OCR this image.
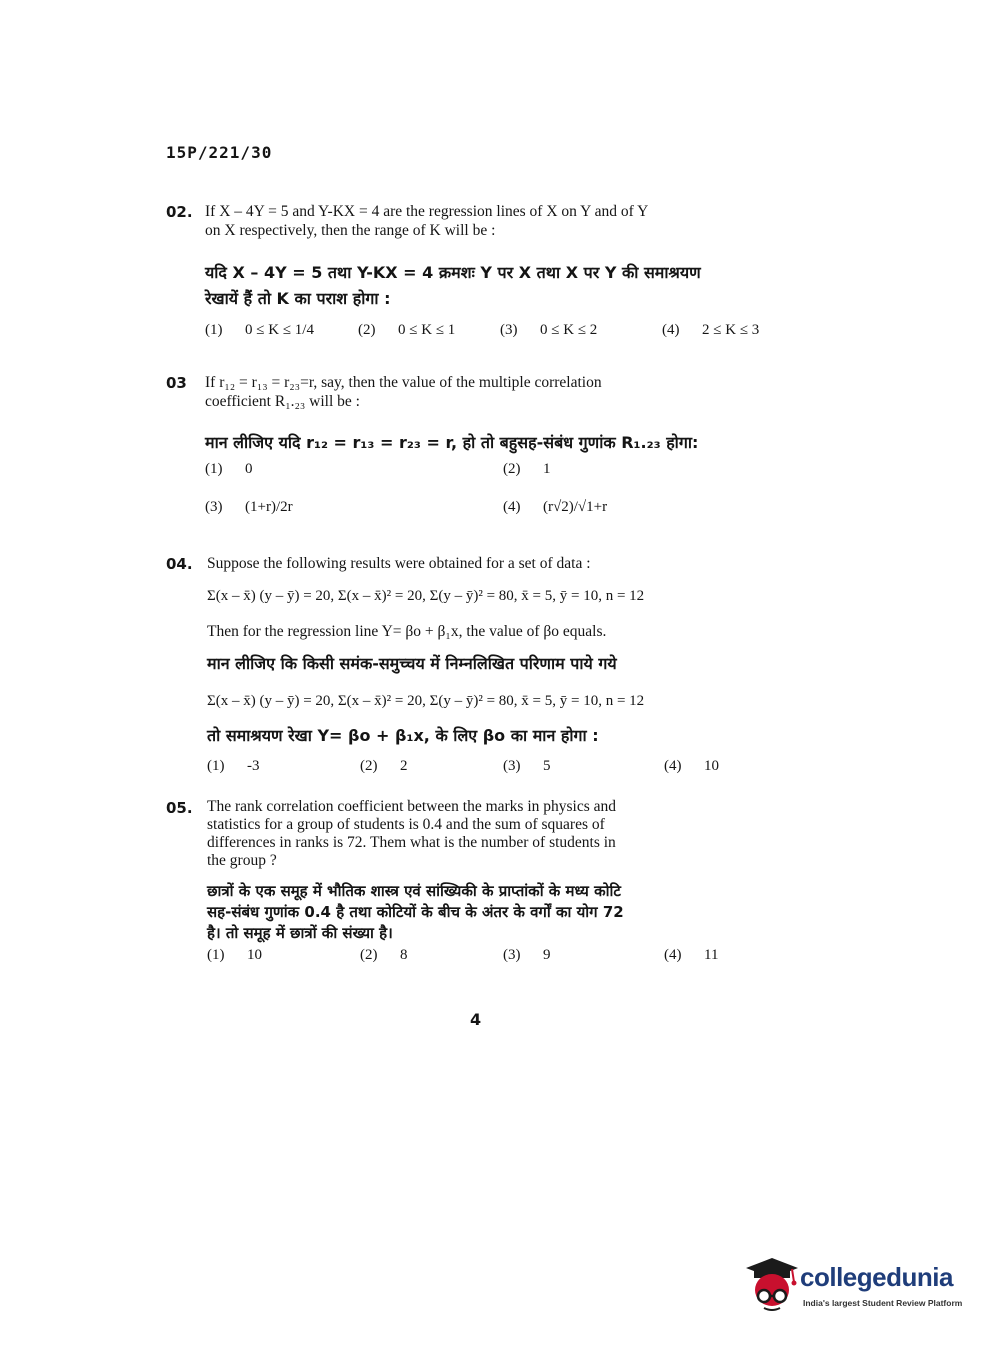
15P/221/30
02. If X – 4Y = 5 and Y-KX = 4 are the regression lines of X on Y and of Y
on X respectively, then the range of K will be :
यदि X – 4Y = 5 तथा Y-KX = 4 क्रमशः Y पर X तथा X पर Y की समाश्रयण
रेखायें हैं तो K का पराश होगा :
(1) 0 ≤ K ≤ 1/4	(2) 0 ≤ K ≤ 1	(3) 0 ≤ K ≤ 2	(4) 2 ≤ K ≤ 3
03 If r₁₂ = r₁₃ = r₂₃=r, say, then the value of the multiple correlation
coefficient R₁.₂₃ will be :
मान लीजिए यदि r₁₂ = r₁₃ = r₂₃ = r, हो तो बहुसह-संबंध गुणांक R₁.₂₃ होगा:
(1) 0	(2) 1
(3) (1+r)/2r	(4) (r√2)/√1+r
04. Suppose the following results were obtained for a set of data :
Σ(x – x̄) (y – ȳ) = 20, Σ(x – x̄)² = 20, Σ(y – ȳ)² = 80, x̄ = 5, ȳ = 10, n = 12
Then for the regression line Y= βo + β₁x, the value of βo equals.
मान लीजिए कि किसी समंक-समुच्चय में निम्नलिखित परिणाम पाये गये
Σ(x – x̄) (y – ȳ) = 20, Σ(x – x̄)² = 20, Σ(y – ȳ)² = 80, x̄ = 5, ȳ = 10, n = 12
तो समाश्रयण रेखा Y= βo + β₁x, के लिए βo का मान होगा :
(1) -3	(2) 2	(3) 5	(4) 10
05. The rank correlation coefficient between the marks in physics and
statistics for a group of students is 0.4 and the sum of squares of
differences in ranks is 72. Them what is the number of students in
the group ?
छात्रों के एक समूह में भौतिक शास्त्र एवं सांख्यिकी के प्राप्तांकों के मध्य कोटि
सह-संबंध गुणांक 0.4 है तथा कोटियों के बीच के अंतर के वर्गों का योग 72
है। तो समूह में छात्रों की संख्या है।
(1) 10	(2) 8	(3) 9	(4) 11
4
collegedunia
India's largest Student Review Platform
